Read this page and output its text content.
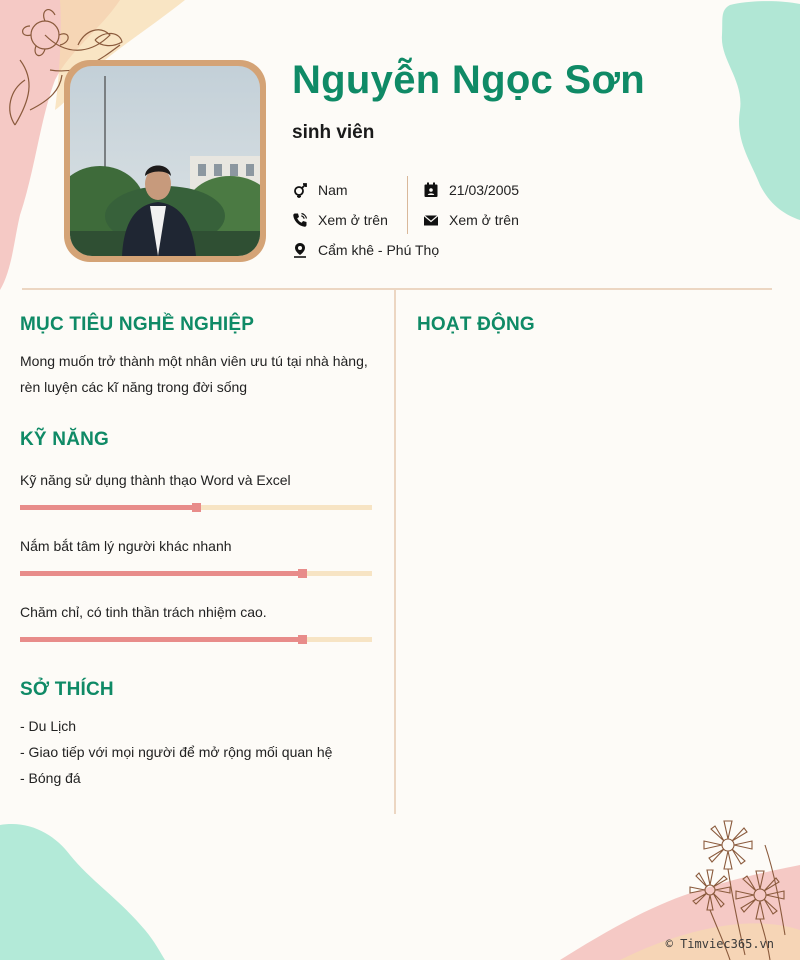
Nguyễn Ngọc Sơn
sinh viên
Nam
Xem ở trên
Cẩm khê - Phú Thọ
21/03/2005
Xem ở trên
MỤC TIÊU NGHỀ NGHIỆP

Mong muốn trở thành một nhân viên ưu tú tại nhà hàng,

rèn luyện các kĩ năng trong đời sống

KỸ NĂNG

Kỹ năng sử dụng thành thạo Word và Excel

Nắm bắt tâm lý người khác nhanh

Chăm chỉ, có tinh thần trách nhiệm cao.

SỞ THÍCH

- Du Lịch

- Giao tiếp với mọi người để mở rộng mối quan hệ

- Bóng đá

HOẠT ĐỘNG
© Timviec365.vn
